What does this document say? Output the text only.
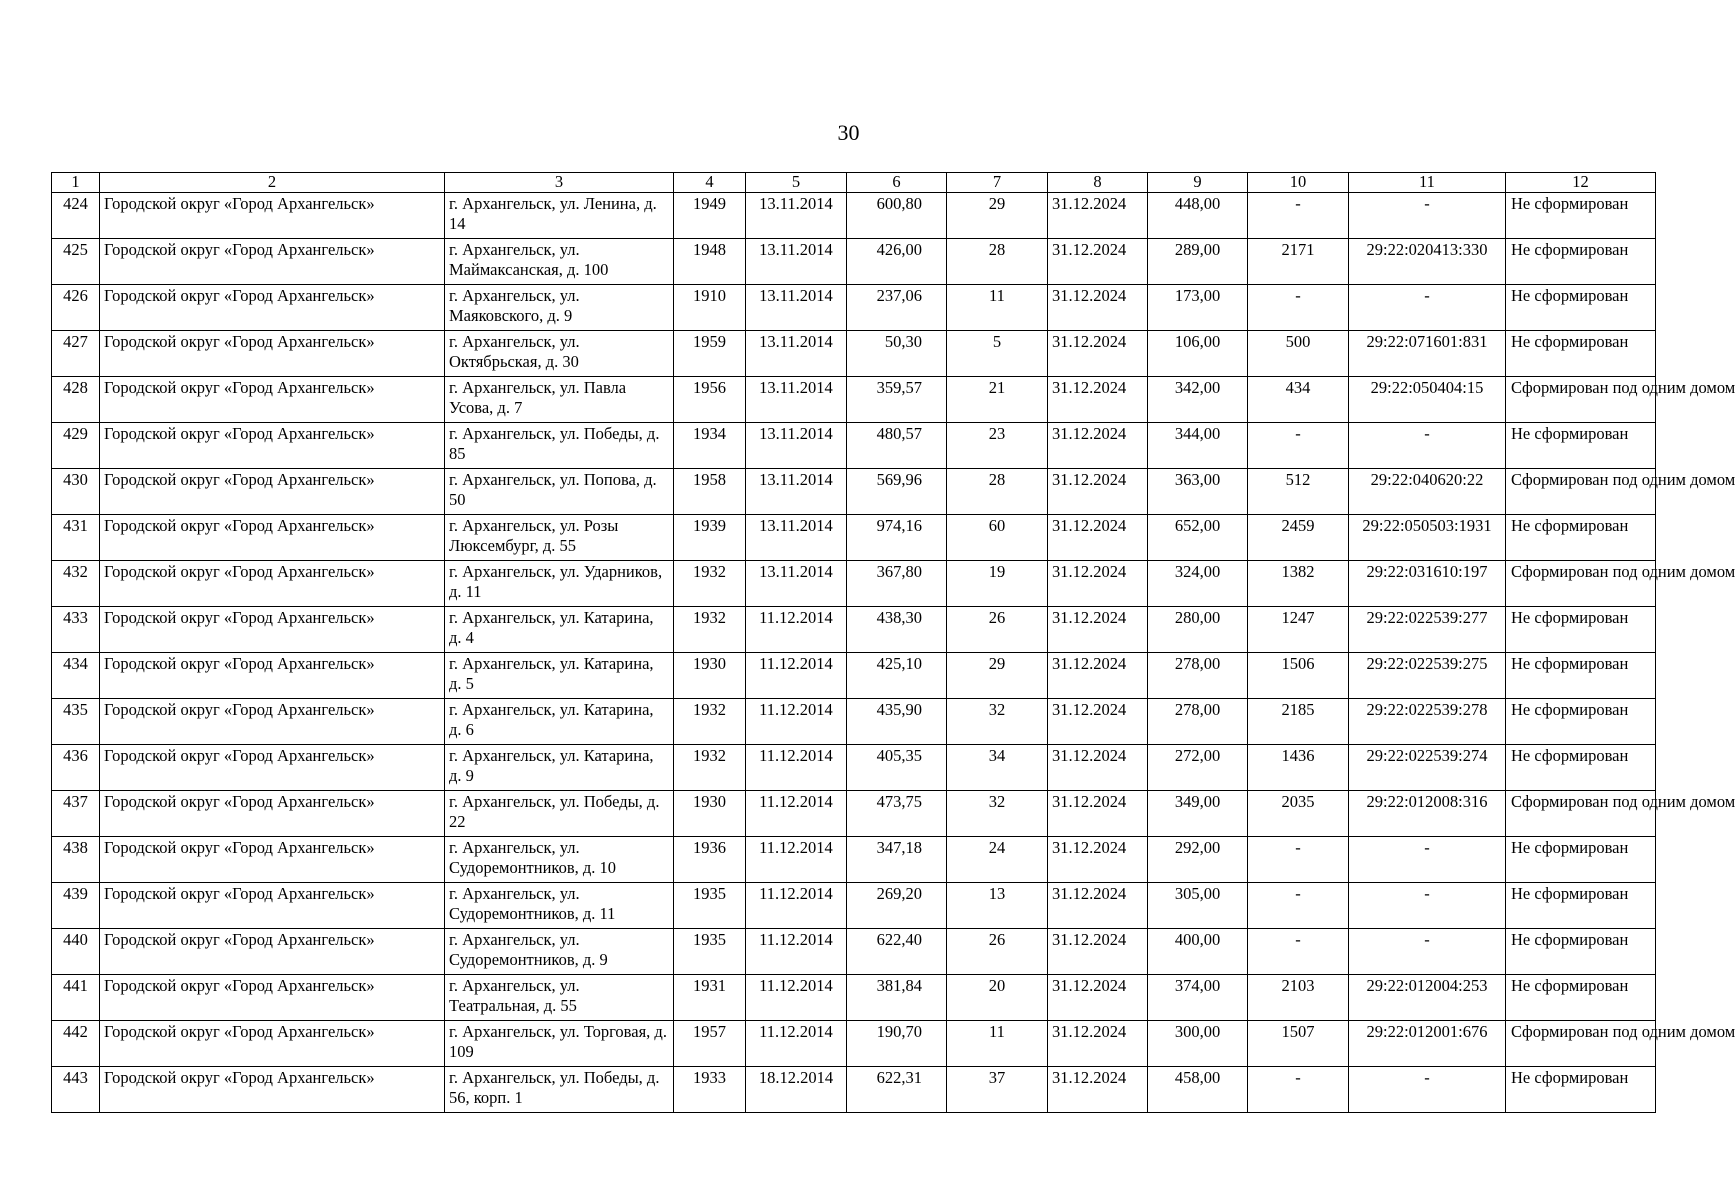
30
1	2	3	4	5	6	7	8	9	10	11	12
424	Городской округ «Город Архангельск»	г. Архангельск, ул. Ленина, д. 14	1949	13.11.2014	600,80	29	31.12.2024	448,00	-	-	Не сформирован
425	Городской округ «Город Архангельск»	г. Архангельск, ул. Маймаксанская, д. 100	1948	13.11.2014	426,00	28	31.12.2024	289,00	2171	29:22:020413:330	Не сформирован
426	Городской округ «Город Архангельск»	г. Архангельск, ул. Маяковского, д. 9	1910	13.11.2014	237,06	11	31.12.2024	173,00	-	-	Не сформирован
427	Городской округ «Город Архангельск»	г. Архангельск, ул. Октябрьская, д. 30	1959	13.11.2014	50,30	5	31.12.2024	106,00	500	29:22:071601:831	Не сформирован
428	Городской округ «Город Архангельск»	г. Архангельск, ул. Павла Усова, д. 7	1956	13.11.2014	359,57	21	31.12.2024	342,00	434	29:22:050404:15	Сформирован под одним домом
429	Городской округ «Город Архангельск»	г. Архангельск, ул. Победы, д. 85	1934	13.11.2014	480,57	23	31.12.2024	344,00	-	-	Не сформирован
430	Городской округ «Город Архангельск»	г. Архангельск, ул. Попова, д. 50	1958	13.11.2014	569,96	28	31.12.2024	363,00	512	29:22:040620:22	Сформирован под одним домом
431	Городской округ «Город Архангельск»	г. Архангельск, ул. Розы Люксембург, д. 55	1939	13.11.2014	974,16	60	31.12.2024	652,00	2459	29:22:050503:1931	Не сформирован
432	Городской округ «Город Архангельск»	г. Архангельск, ул. Ударников, д. 11	1932	13.11.2014	367,80	19	31.12.2024	324,00	1382	29:22:031610:197	Сформирован под одним домом
433	Городской округ «Город Архангельск»	г. Архангельск, ул. Катарина, д. 4	1932	11.12.2014	438,30	26	31.12.2024	280,00	1247	29:22:022539:277	Не сформирован
434	Городской округ «Город Архангельск»	г. Архангельск, ул. Катарина, д. 5	1930	11.12.2014	425,10	29	31.12.2024	278,00	1506	29:22:022539:275	Не сформирован
435	Городской округ «Город Архангельск»	г. Архангельск, ул. Катарина, д. 6	1932	11.12.2014	435,90	32	31.12.2024	278,00	2185	29:22:022539:278	Не сформирован
436	Городской округ «Город Архангельск»	г. Архангельск, ул. Катарина, д. 9	1932	11.12.2014	405,35	34	31.12.2024	272,00	1436	29:22:022539:274	Не сформирован
437	Городской округ «Город Архангельск»	г. Архангельск, ул. Победы, д. 22	1930	11.12.2014	473,75	32	31.12.2024	349,00	2035	29:22:012008:316	Сформирован под одним домом
438	Городской округ «Город Архангельск»	г. Архангельск, ул. Судоремонтников, д. 10	1936	11.12.2014	347,18	24	31.12.2024	292,00	-	-	Не сформирован
439	Городской округ «Город Архангельск»	г. Архангельск, ул. Судоремонтников, д. 11	1935	11.12.2014	269,20	13	31.12.2024	305,00	-	-	Не сформирован
440	Городской округ «Город Архангельск»	г. Архангельск, ул. Судоремонтников, д. 9	1935	11.12.2014	622,40	26	31.12.2024	400,00	-	-	Не сформирован
441	Городской округ «Город Архангельск»	г. Архангельск, ул. Театральная, д. 55	1931	11.12.2014	381,84	20	31.12.2024	374,00	2103	29:22:012004:253	Не сформирован
442	Городской округ «Город Архангельск»	г. Архангельск, ул. Торговая, д. 109	1957	11.12.2014	190,70	11	31.12.2024	300,00	1507	29:22:012001:676	Сформирован под одним домом
443	Городской округ «Город Архангельск»	г. Архангельск, ул. Победы, д. 56, корп. 1	1933	18.12.2014	622,31	37	31.12.2024	458,00	-	-	Не сформирован
